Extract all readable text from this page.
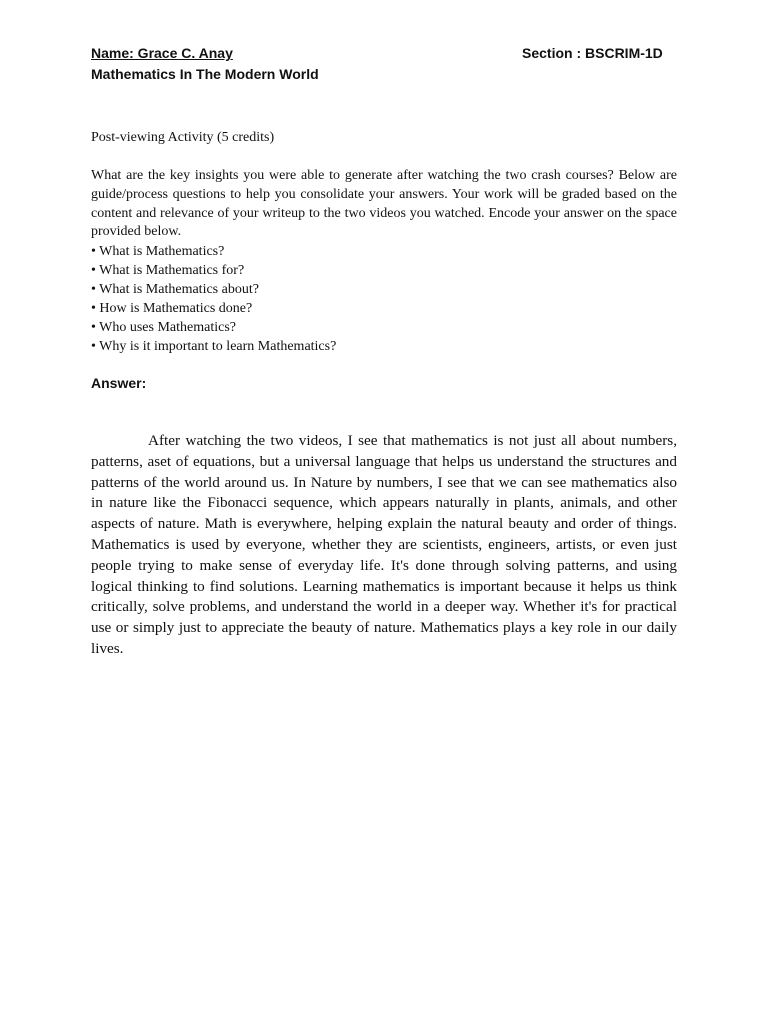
Name: Grace C. Anay	Section : BSCRIM-1D
Mathematics In The Modern World
Post-viewing Activity (5 credits)

What are the key insights you were able to generate after watching the two crash courses? Below are guide/process questions to help you consolidate your answers. Your work will be graded based on the content and relevance of your writeup to the two videos you watched. Encode your answer on the space provided below.

• What is Mathematics?
• What is Mathematics for?
• What is Mathematics about?
• How is Mathematics done?
• Who uses Mathematics?
• Why is it important to learn Mathematics?
Answer:

After watching the two videos, I see that mathematics is not just all about numbers, patterns, aset of equations, but a universal language that helps us understand the structures and patterns of the world around us. In Nature by numbers, I see that we can see mathematics also in nature like the Fibonacci sequence, which appears naturally in plants, animals, and other aspects of nature. Math is everywhere, helping explain the natural beauty and order of things. Mathematics is used by everyone, whether they are scientists, engineers, artists, or even just people trying to make sense of everyday life. It's done through solving patterns, and using logical thinking to find solutions. Learning mathematics is important because it helps us think critically, solve problems, and understand the world in a deeper way. Whether it's for practical use or simply just to appreciate the beauty of nature. Mathematics plays a key role in our daily lives.
